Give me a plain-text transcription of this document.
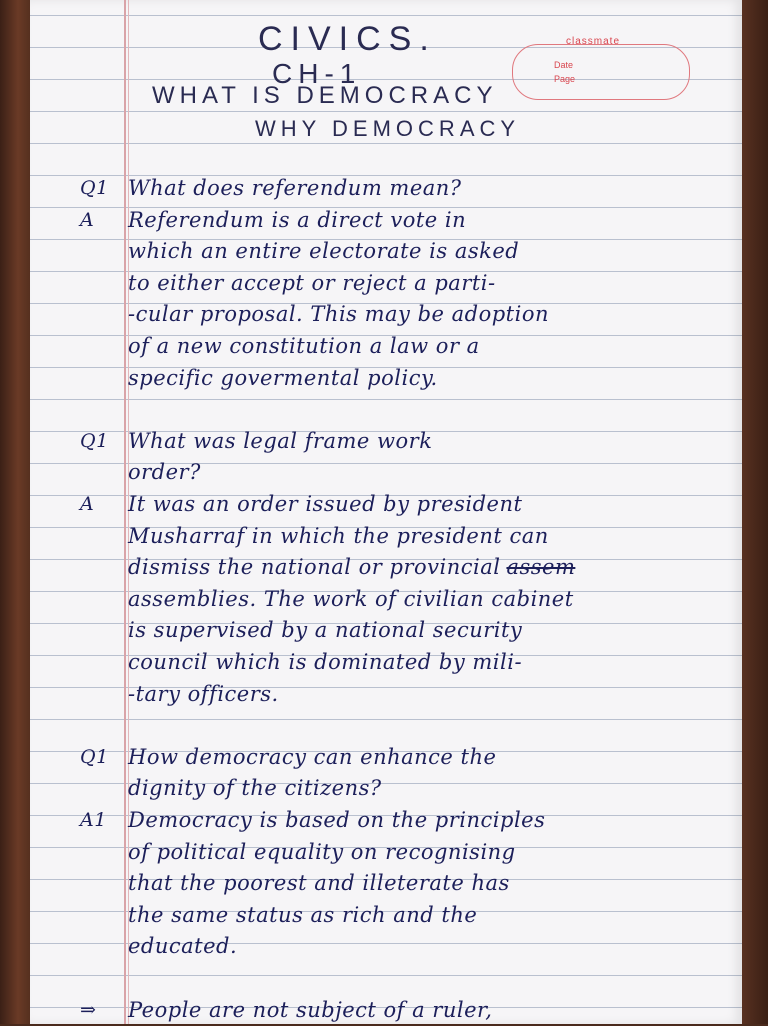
CIVICS.
CH-1
WHAT IS DEMOCRACY
WHY DEMOCRACY
classmate
Date
Page
Q1 What does referendum mean?
A	Referendum is a direct vote in
which an entire electorate is asked
to either accept or reject a parti-
-cular proposal. This may be adoption
of a new constitution a law or a
specific govermental policy.
Q1 What was legal frame work
order?
A	It was an order issued by president
Musharraf in which the president can
dismiss the national or provincial assem
assemblies. The work of civilian cabinet
is supervised by a national security
council which is dominated by mili-
-tary officers.
Q1 How democracy can enhance the
dignity of the citizens?
A1	Democracy is based on the principles
of political equality on recognising
that the poorest and illeterate has
the same status as rich and the
educated.
⇒	People are not subject of a ruler,
